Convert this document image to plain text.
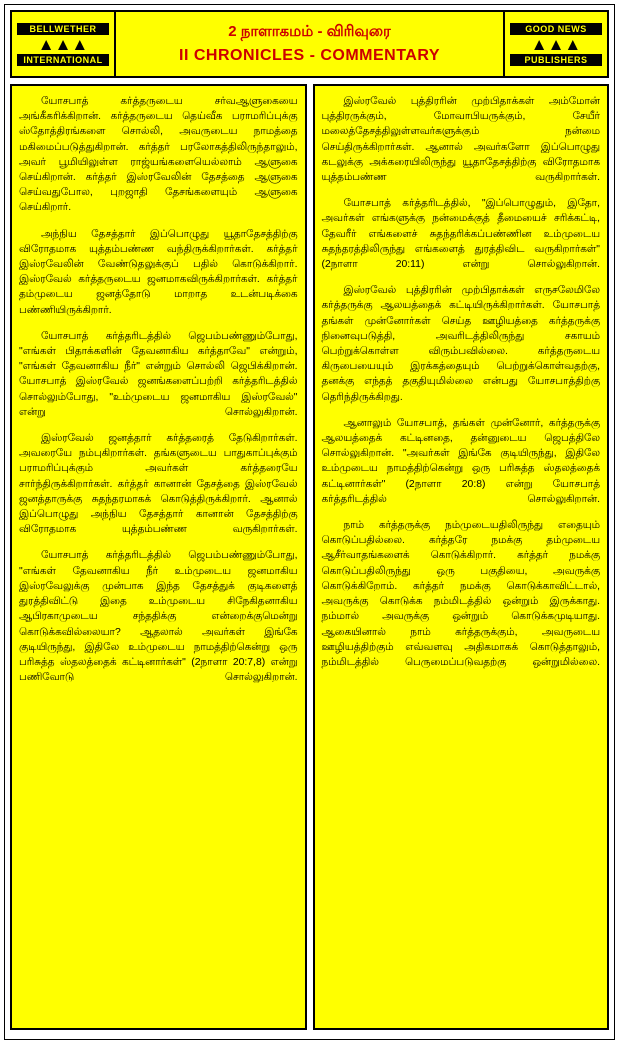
BELLWETHER
▲▲▲
INTERNATIONAL
2 நாளாகமம் - விரிவுரை
II CHRONICLES - COMMENTARY
GOOD NEWS
▲▲▲
PUBLISHERS

யோசபாத் கர்த்தருடைய சர்வஆளுகையை அங்கீகரிக்கிறான். கர்த்தருடைய தெய்வீக பராமரிப்புக்கு ஸ்தோத்திரங்களை சொல்லி, அவருடைய நாமத்தை மகிமைப்படுத்துகிறான். கர்த்தர் பரலோகத்திலிருந்தாலும், அவர் பூமியிலுள்ள ராஜ்யங்களையெல்லாம் ஆளுகை செய்கிறான். கர்த்தர் இஸ்ரவேலின் தேசத்தை ஆளுகை செய்வதுபோல, புறஜாதி தேசங்களையும் ஆளுகை செய்கிறார்.

அந்நிய தேசத்தார் இப்பொழுது யூதாதேசத்திற்கு விரோதமாக யுத்தம்பண்ண வந்திருக்கிறார்கள். கர்த்தர் இஸ்ரவேலின் வேண்டுதலுக்குப் பதில் கொடுக்கிறார். இஸ்ரவேல் கர்த்தருடைய ஜனமாகவிருக்கிறார்கள். கர்த்தர் தம்முடைய ஜனத்தோடு மாறாத உடன்படிக்கை பண்ணியிருக்கிறார்.

யோசபாத் கர்த்தரிடத்தில் ஜெபம்பண்ணும்போது, "எங்கள் பிதாக்களின் தேவனாகிய கர்த்தாவே" என்றும், "எங்கள் தேவனாகிய நீர்" என்றும் சொல்லி ஜெபிக்கிறான். யோசபாத் இஸ்ரவேல் ஜனங்களைப்பற்றி கர்த்தரிடத்தில் சொல்லும்போது, "உம்முடைய ஜனமாகிய இஸ்ரவேல்" என்று சொல்லுகிறான்.

இஸ்ரவேல் ஜனத்தார் கர்த்தரைத் தேடுகிறார்கள். அவரையே நம்புகிறார்கள். தங்களுடைய பாதுகாப்புக்கும் பராமரிப்புக்கும் அவர்கள் கர்த்தரையே சார்ந்திருக்கிறார்கள். கர்த்தர் கானான் தேசத்தை இஸ்ரவேல் ஜனத்தாருக்கு சுதந்தரமாகக் கொடுத்திருக்கிறார். ஆனால் இப்பொழுது அந்நிய தேசத்தார் கானான் தேசத்திற்கு விரோதமாக யுத்தம்பண்ண வருகிறார்கள்.

யோசபாத் கர்த்தரிடத்தில் ஜெபம்பண்ணும்போது, "எங்கள் தேவனாகிய நீர் உம்முடைய ஜனமாகிய இஸ்ரவேலுக்கு முன்பாக இந்த தேசத்துக் குடிகளைத் துரத்திவிட்டு இதை உம்முடைய சிநேகிதனாகிய ஆபிரகாமுடைய சந்ததிக்கு என்றைக்குமென்று கொடுக்கவில்லையா? ஆதலால் அவர்கள் இங்கே குடியிருந்து, இதிலே உம்முடைய நாமத்திற்கென்று ஒரு பரிசுத்த ஸ்தலத்தைக் கட்டினார்கள்" (2நாளா 20:7,8) என்று பணிவோடு சொல்லுகிறான்.

இஸ்ரவேல் புத்திரரின் முற்பிதாக்கள் அம்மோன் புத்திரருக்கும், மோவாபியருக்கும், சேயீர் மலைத்தேசத்திலுள்ளவர்களுக்கும் நன்மை செய்திருக்கிறார்கள். ஆனால் அவர்களோ இப்பொழுது கடலுக்கு அக்கரையிலிருந்து யூதாதேசத்திற்கு விரோதமாக யுத்தம்பண்ண வருகிறார்கள்.

யோசபாத் கர்த்தரிடத்தில், "இப்பொழுதும், இதோ, அவர்கள் எங்களுக்கு நன்மைக்குத் தீமையைச் சரிக்கட்டி, தேவரீர் எங்களைச் சுதந்தரிக்கப்பண்ணின உம்முடைய சுதந்தரத்திலிருந்து எங்களைத் துரத்திவிட வருகிறார்கள்" (2நாளா 20:11) என்று சொல்லுகிறான்.

இஸ்ரவேல் புத்திரரின் முற்பிதாக்கள் எருசலேமிலே கர்த்தருக்கு ஆலயத்தைக் கட்டியிருக்கிறார்கள். யோசபாத் தங்கள் முன்னோர்கள் செய்த ஊழியத்தை கர்த்தருக்கு நினைவுபடுத்தி, அவரிடத்திலிருந்து சகாயம் பெற்றுக்கொள்ள விரும்பவில்லை. கர்த்தருடைய கிருபையையும் இரக்கத்தையும் பெற்றுக்கொள்வதற்கு, தனக்கு எந்தத் தகுதியுமில்லை என்பது யோசபாத்திற்கு தெரிந்திருக்கிறது.

ஆனாலும் யோசபாத், தங்கள் முன்னோர், கர்த்தருக்கு ஆலயத்தைக் கட்டினதை, தன்னுடைய ஜெபத்திலே சொல்லுகிறான். "அவர்கள் இங்கே குடியிருந்து, இதிலே உம்முடைய நாமத்திற்கென்று ஒரு பரிசுத்த ஸ்தலத்தைக் கட்டினார்கள்" (2நாளா 20:8) என்று யோசபாத் கர்த்தரிடத்தில் சொல்லுகிறான்.

நாம் கர்த்தருக்கு நம்முடையதிலிருந்து எதையும் கொடுப்பதில்லை. கர்த்தரே நமக்கு தம்முடைய ஆசீர்வாதங்களைக் கொடுக்கிறார். கர்த்தர் நமக்கு கொடுப்பதிலிருந்து ஒரு பகுதியை, அவருக்கு கொடுக்கிறோம். கர்த்தர் நமக்கு கொடுக்காவிட்டால், அவருக்கு கொடுக்க நம்மிடத்தில் ஒன்றும் இருக்காது. நம்மால் அவருக்கு ஒன்றும் கொடுக்கமுடியாது. ஆகையினால் நாம் கர்த்தருக்கும், அவருடைய ஊழியத்திற்கும் எவ்வளவு அதிகமாகக் கொடுத்தாலும், நம்மிடத்தில் பெருமைப்படுவதற்கு ஒன்றுமில்லை.
